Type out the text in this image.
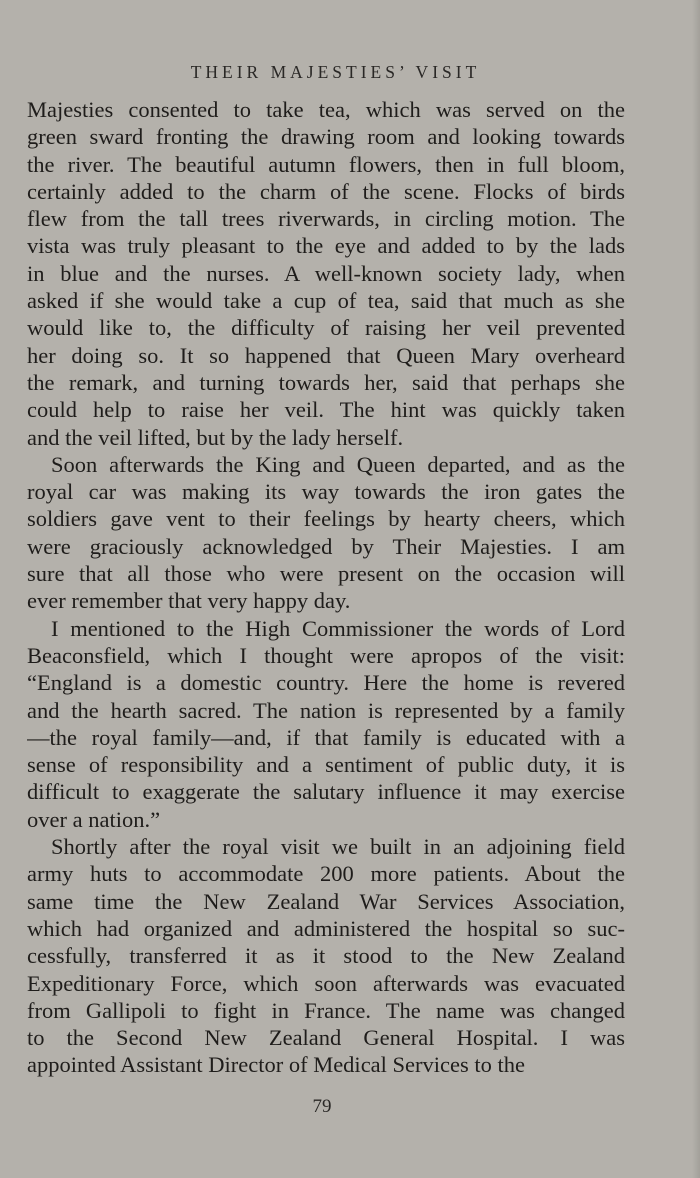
THEIR MAJESTIES’ VISIT
Majesties consented to take tea, which was served on the
green sward fronting the drawing room and looking towards
the river. The beautiful autumn flowers, then in full bloom,
certainly added to the charm of the scene. Flocks of birds
flew from the tall trees riverwards, in circling motion. The
vista was truly pleasant to the eye and added to by the lads
in blue and the nurses. A well-known society lady, when
asked if she would take a cup of tea, said that much as she
would like to, the difficulty of raising her veil prevented
her doing so. It so happened that Queen Mary overheard
the remark, and turning towards her, said that perhaps she
could help to raise her veil. The hint was quickly taken
and the veil lifted, but by the lady herself.
Soon afterwards the King and Queen departed, and as the
royal car was making its way towards the iron gates the
soldiers gave vent to their feelings by hearty cheers, which
were graciously acknowledged by Their Majesties. I am
sure that all those who were present on the occasion will
ever remember that very happy day.
I mentioned to the High Commissioner the words of Lord
Beaconsfield, which I thought were apropos of the visit:
“England is a domestic country. Here the home is revered
and the hearth sacred. The nation is represented by a family
—the royal family—and, if that family is educated with a
sense of responsibility and a sentiment of public duty, it is
difficult to exaggerate the salutary influence it may exercise
over a nation.”
Shortly after the royal visit we built in an adjoining field
army huts to accommodate 200 more patients. About the
same time the New Zealand War Services Association,
which had organized and administered the hospital so suc-
cessfully, transferred it as it stood to the New Zealand
Expeditionary Force, which soon afterwards was evacuated
from Gallipoli to fight in France. The name was changed
to the Second New Zealand General Hospital. I was
appointed Assistant Director of Medical Services to the
79
